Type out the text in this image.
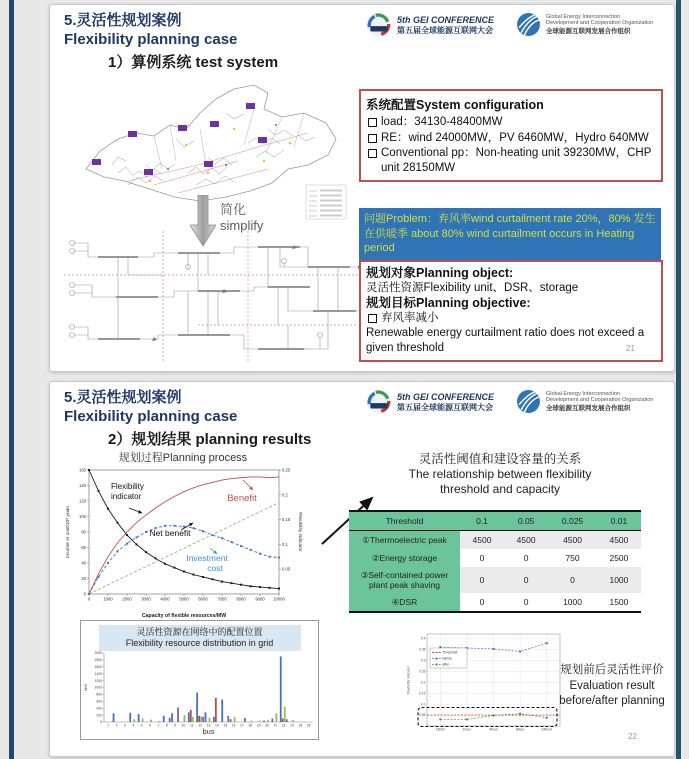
5.灵活性规划案例
Flexibility planning case
1）算例系统 test system
5th GEI CONFERENCE
第五届全球能源互联网大会
Global Energy Interconnection
Development and Cooperation Organization
全球能源互联网发展合作组织
简化
simplify
系统配置System configuration
load：34130-48400MW
RE：wind 24000MW，PV 6460MW，Hydro 640MW
Conventional pp：Non-heating unit 39230MW，CHP unit 28150MW
问题Problem：弃风率wind curtailment rate 20%，80% 发生在供暖季 about 80% wind curtailment occurs in Heating period
规划对象Planning object:
灵活性资源Flexibility unit、DSR、storage
规划目标Planning objective:
弃风率减小
Renewable energy curtailment ratio does not exceed a given threshold	21
5.灵活性规划案例
Flexibility planning case
2）规划结果 planning results
5th GEI CONFERENCE
第五届全球能源互联网大会
Global Energy Interconnection
Development and Cooperation Organization
全球能源互联网发展合作组织
规划过程Planning process
0	1000 2000 3000 4000 5000 6000 7000 8000 9000 10000
0
20
40
60
80
100
120
140
160
0.05
0.1
0.15
0.2
0.25
Capacity of flexible resources/MW
Income or cost/10⁸ yuan	Flexibility indicator
Flexibility
indicator	Benefit
Net benefit
Investment
cost
灵活性资源在网络中的配置位置
Flexibility resource distribution in grid
0
200
400
600
800
1000
1200
1400
1600
1800
2000
1 2 3 4 5 6 7 8 9 10 11 12 13 14 15 16 17 18 19 20 21 22 23 24 25
MW
bus
灵活性阈值和建设容量的关系
The relationship between flexibility
threshold and capacity
Threshold	0.1	0.05	0.025	0.01
①Thermoelectric peak	4500	4500	4500	4500
②Energy storage	0	0	750	2500
③Self-contained power plant peak shaving	0	0	0	1000
④DSR	0	0	1000	1500
0.05
0.1
0.15
0.2
0.25
0.3
0.35
0.4
15min	1hour	4hour	8hour	24hour
Threshold
before
after
Flexibility indicator	规划前后灵活性评价
Evaluation result
before/after planning
22
